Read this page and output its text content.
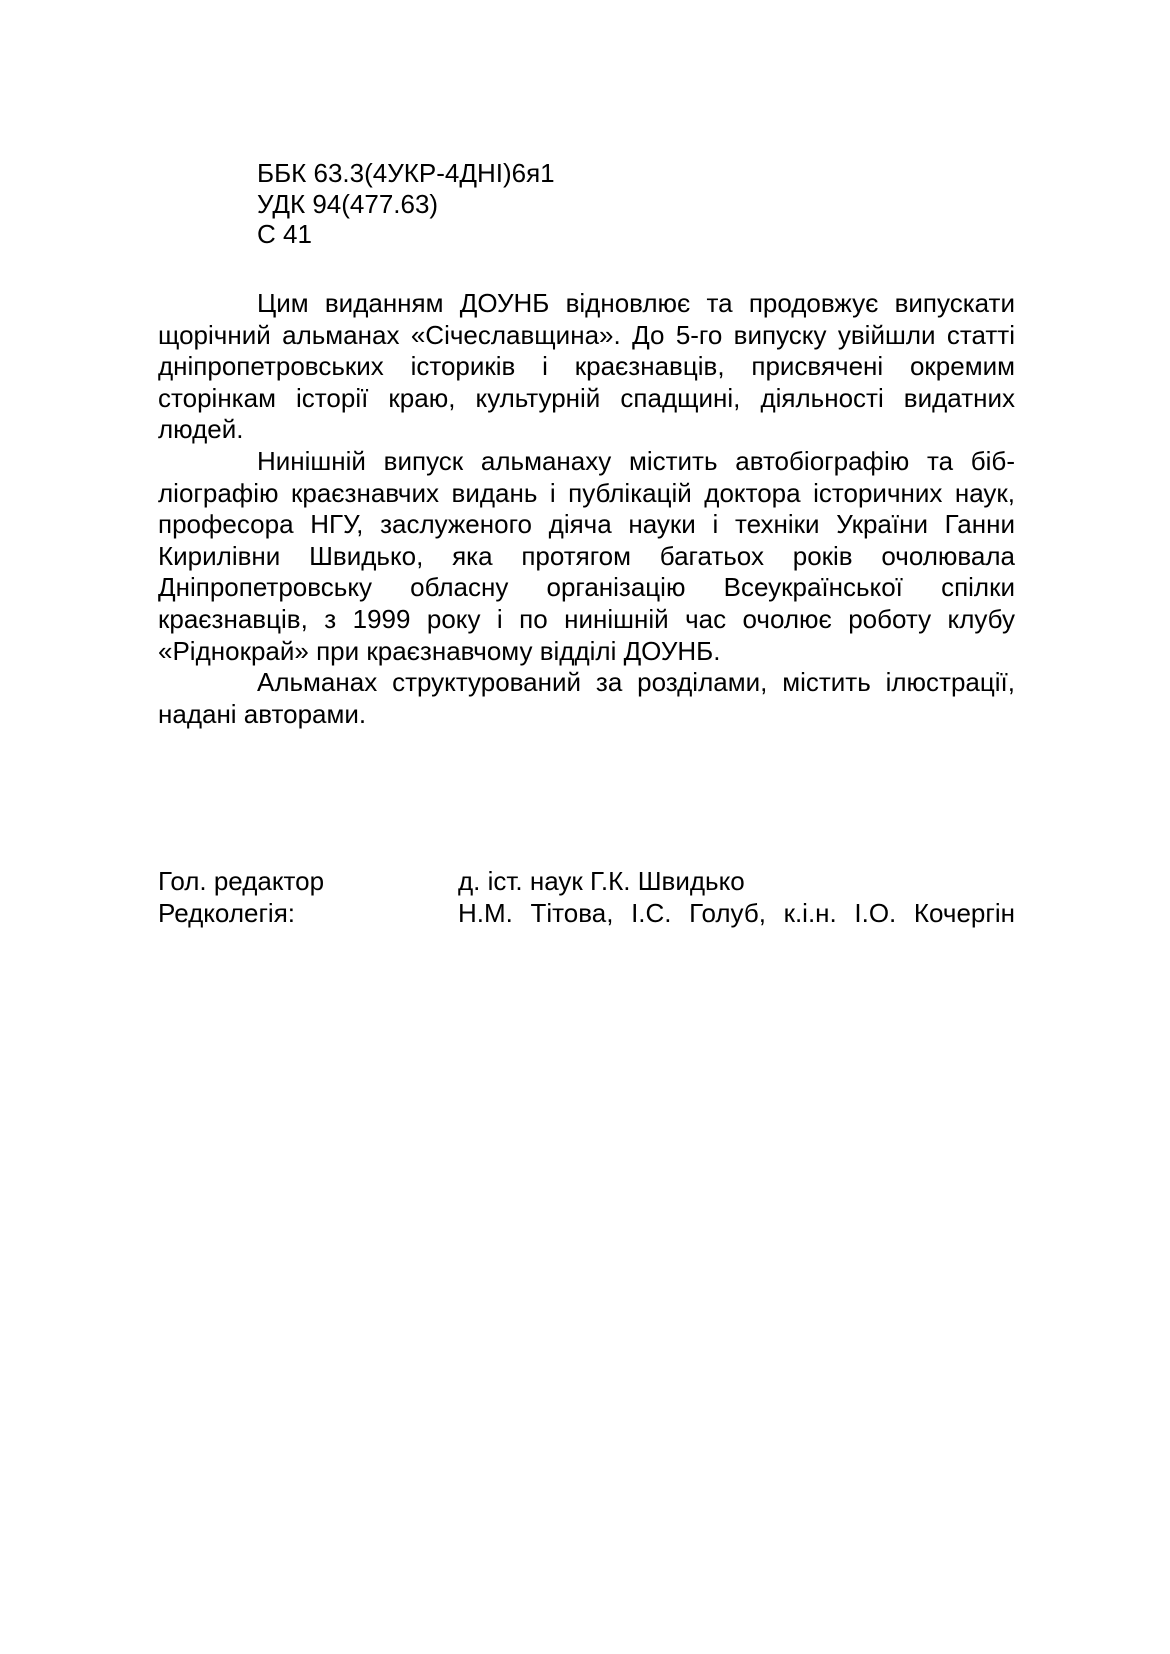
ББК 63.3(4УКР-4ДНІ)6я1
УДК 94(477.63)
С 41

Цим виданням ДОУНБ відновлює та продовжує випускати щорічний альманах «Січеславщина». До 5-го випуску увійшли статті дніпропетровських істориків і краєзнавців, присвячені окремим сторінкам історії краю, культурній спадщині, діяльності видатних людей.

Нинішній випуск альманаху містить автобіографію та бібліографію краєзнавчих видань і публікацій доктора історичних наук, професора НГУ, заслуженого діяча науки і техніки України Ганни Кирилівни Швидько, яка протягом багатьох років очолювала Дніпропетровську обласну організацію Всеукраїнської спілки краєзнавців, з 1999 року і по нинішній час очолює роботу клубу «Ріднокрай» при краєзнавчому відділі ДОУНБ.

Альманах структурований за розділами, містить ілюстрації, надані авторами.

Гол. редактор	д. іст. наук Г.К. Швидько
Редколегія:	Н.М. Тітова, І.С. Голуб, к.і.н. І.О. Кочергін
